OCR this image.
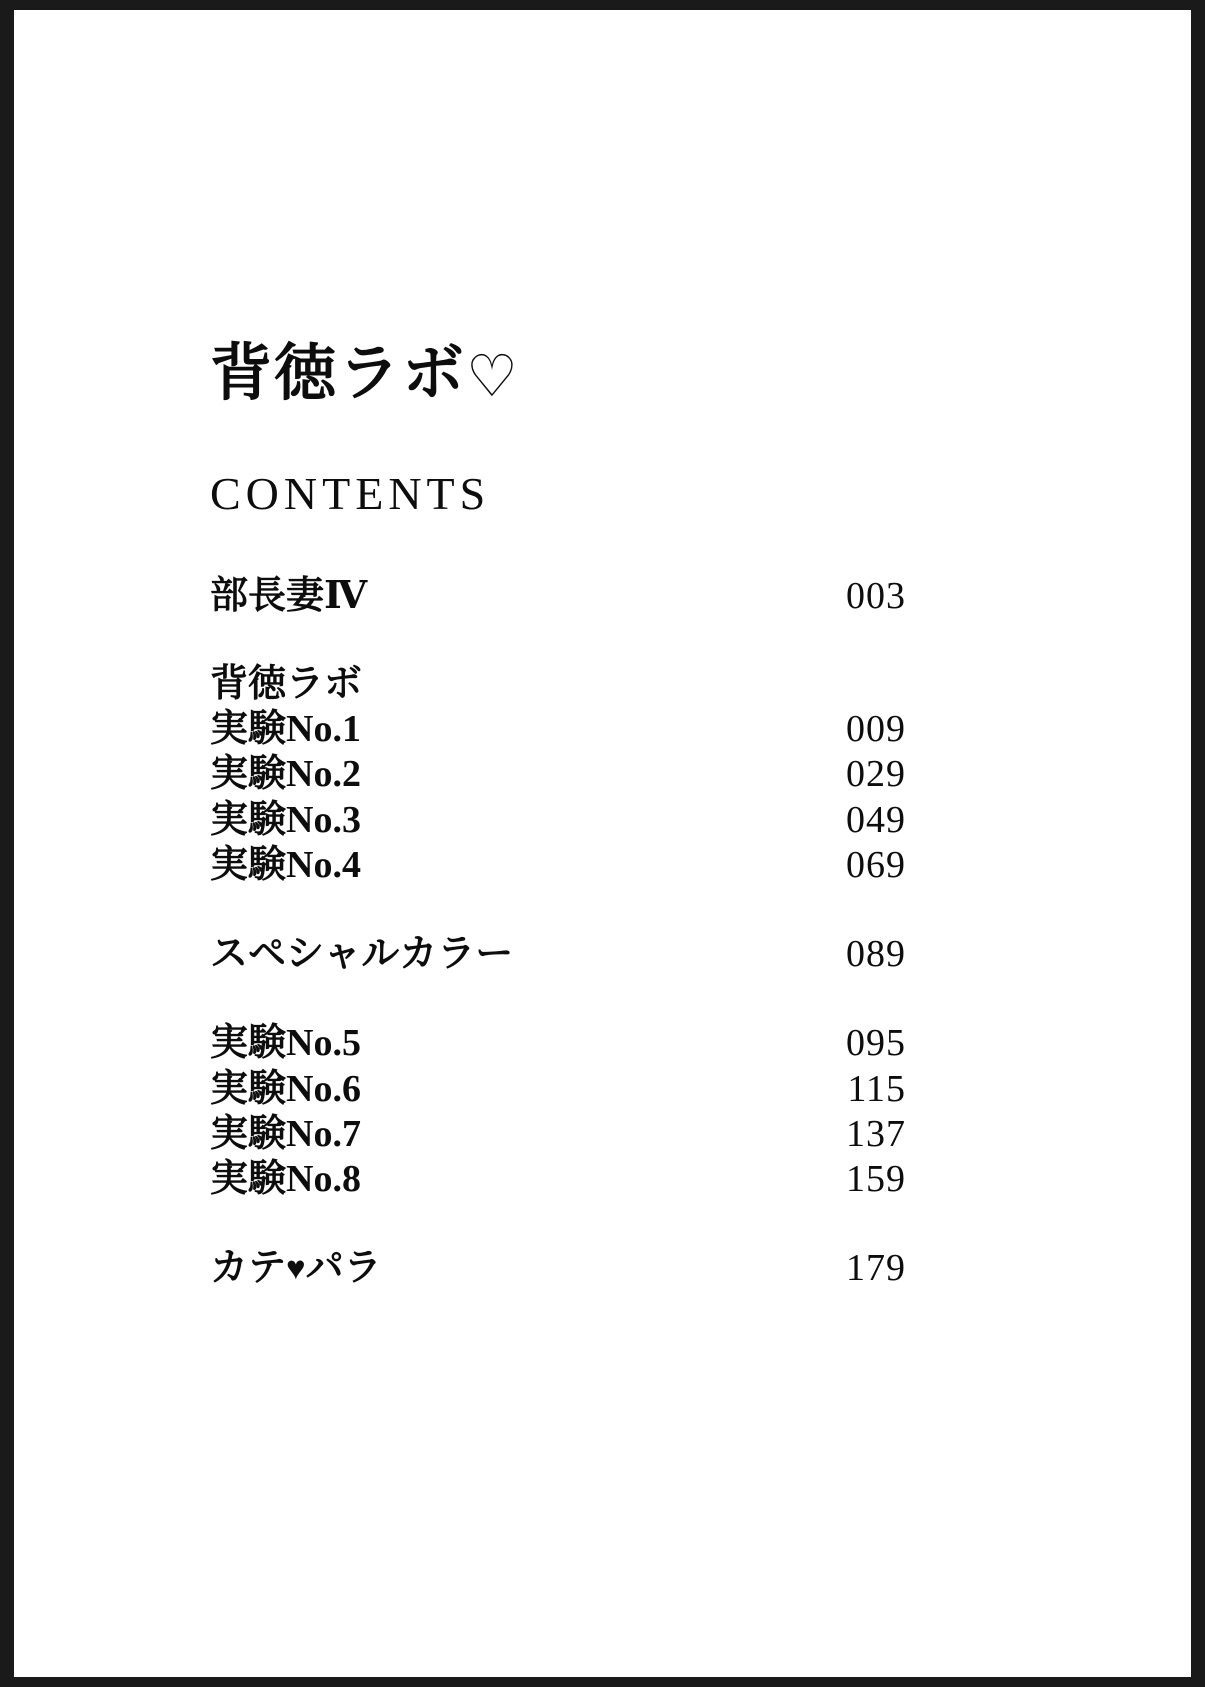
背徳ラボ♡
CONTENTS
部長妻Ⅳ	003
背徳ラボ
実験No.1	009
実験No.2	029
実験No.3	049
実験No.4	069
スペシャルカラー	089
実験No.5	095
実験No.6	115
実験No.7	137
実験No.8	159
カテ♥パラ	179
